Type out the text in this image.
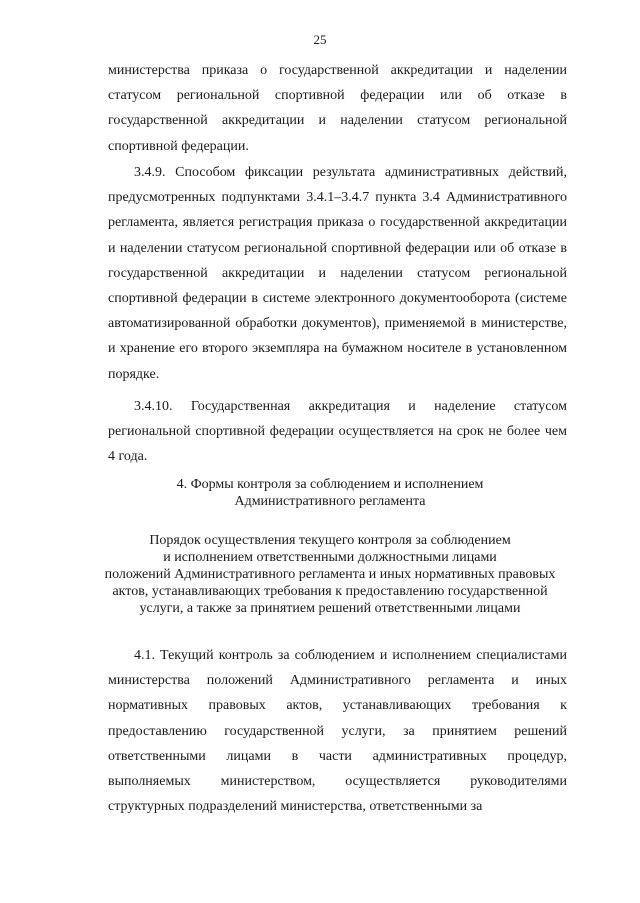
25

министерства приказа о государственной аккредитации и наделении статусом региональной спортивной федерации или об отказе в государственной аккредитации и наделении статусом региональной спортивной федерации.

3.4.9. Способом фиксации результата административных действий, предусмотренных подпунктами 3.4.1–3.4.7 пункта 3.4 Административного регламента, является регистрация приказа о государственной аккредитации и наделении статусом региональной спортивной федерации или об отказе в государственной аккредитации и наделении статусом региональной спортивной федерации в системе электронного документооборота (системе автоматизированной обработки документов), применяемой в министерстве, и хранение его второго экземпляра на бумажном носителе в установленном порядке.

3.4.10. Государственная аккредитация и наделение статусом региональной спортивной федерации осуществляется на срок не более чем 4 года.

4. Формы контроля за соблюдением и исполнением
Административного регламента
Порядок осуществления текущего контроля за соблюдением
и исполнением ответственными должностными лицами
положений Административного регламента и иных нормативных правовых
актов, устанавливающих требования к предоставлению государственной
услуги, а также за принятием решений ответственными лицами

4.1. Текущий контроль за соблюдением и исполнением специалистами министерства положений Административного регламента и иных нормативных правовых актов, устанавливающих требования к предоставлению государственной услуги, за принятием решений ответственными лицами в части административных процедур, выполняемых министерством, осуществляется руководителями структурных подразделений министерства, ответственными за
